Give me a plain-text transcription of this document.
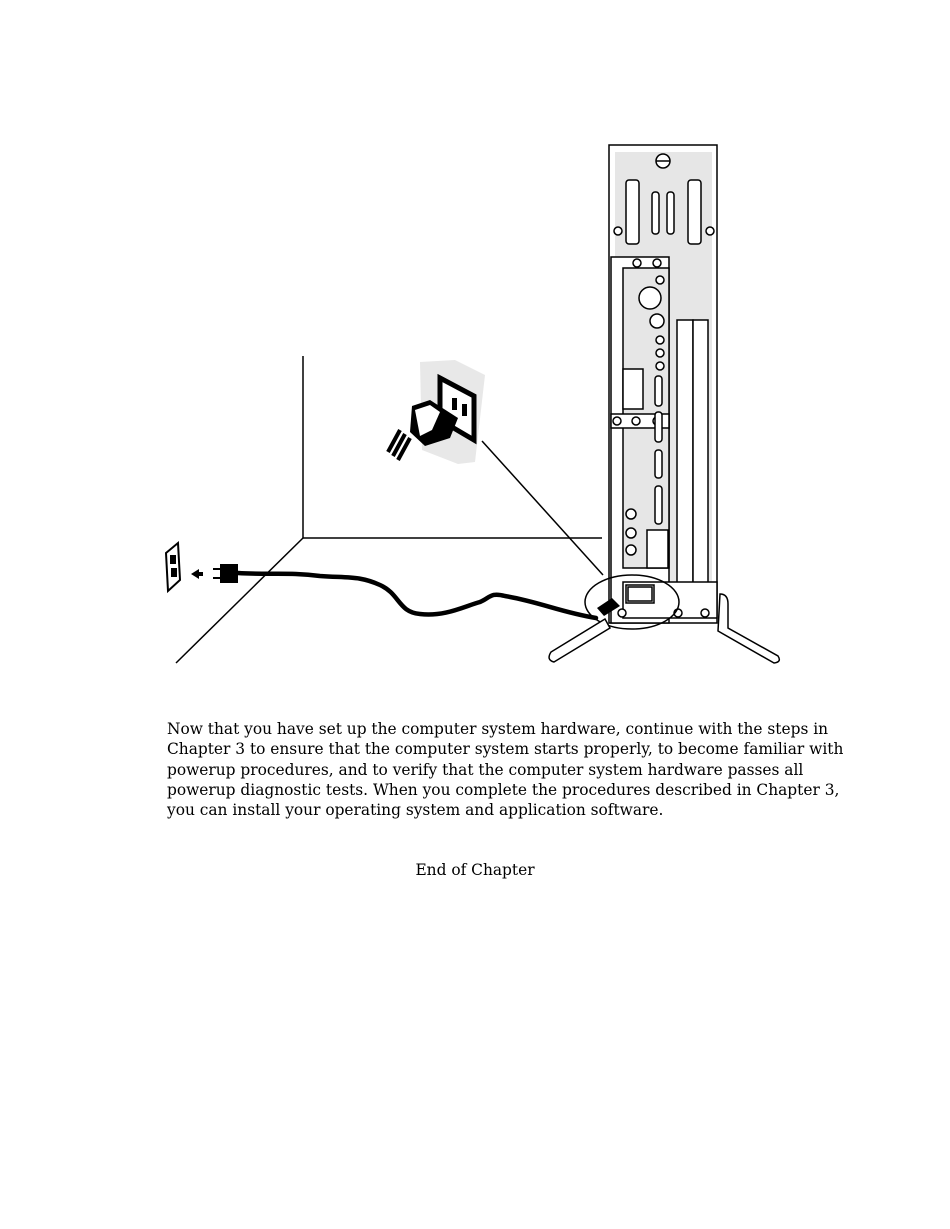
Now that you have set up the computer system hardware, continue with the steps in
Chapter 3 to ensure that the computer system starts properly, to become familiar with
powerup procedures, and to verify that the computer system hardware passes all
powerup diagnostic tests. When you complete the procedures described in Chapter 3,
you can install your operating system and application software.

End of Chapter
